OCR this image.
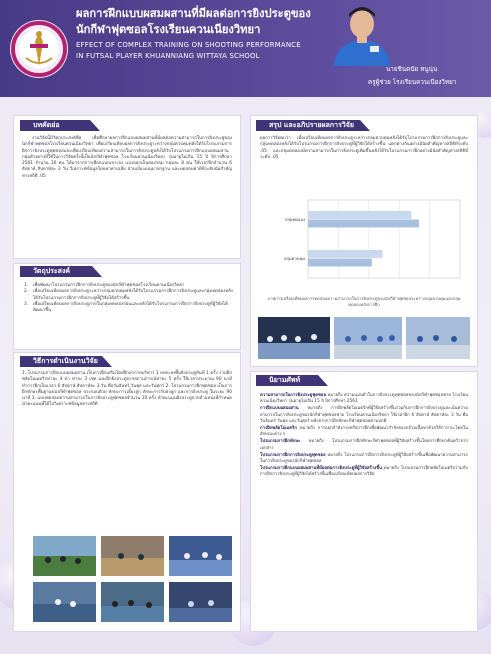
ผลการฝึกแบบผสมผสานที่มีผลต่อการยิงประตูของ
นักกีฬาฟุตซอลโรงเรียนควนเนียงวิทยา
EFFECT OF COMPLEX TRAINING ON SHOOTING PERFORMANCE
IN FUTSAL PLAYER KHUANNIANG WITTAYA SCHOOL
นายชินดนัย หนูนุ่น
ครูผู้ช่วย โรงเรียนควนเนียงวิทยา
บทคัดย่อ
งานวิจัยนี้มีวัตถุประสงค์คือ เพื่อศึกษาผลการฝึกแบบผสมผสานที่มีผลต่อความสามารถในการยิงประตูของนักกีฬาฟุตซอลโรงเรียนควนเนียงวิทยา เพื่อเปรียบเทียบผลการยิงประตูระหว่างกลุ่มควบคุมหลังได้รับโปรแกรมการฝึกการยิงประตูฟุตซอลและเพื่อเปรียบเทียบความสามารถในการยิงประตูหลังได้รับโปรแกรมการฝึกแบบผสมผสาน กลุ่มตัวอย่างที่ใช้ในการวิจัยครั้งนี้เป็นนักกีฬาฟุตซอล โรงเรียนควนเนียงวิทยา รุ่นอายุไม่เกิน 15 ปี ปีการศึกษา 2561 จำนวน 16 คน ได้มาจากการเลือกแบบเจาะจง แบ่งออกเป็นสองกลุ่ม กลุ่มละ 8 คน ใช้เวลาฝึกจำนวน 6 สัปดาห์ สัปดาห์ละ 3 วัน วิเคราะห์ข้อมูลโดยหาค่าเฉลี่ย ส่วนเบี่ยงเบนมาตรฐาน และทดสอบค่าทีที่ระดับนัยสำคัญทางสถิติ .05
วัตถุประสงค์
1.	เพื่อพัฒนาโปรแกรมการฝึกการยิงประตูของนักกีฬาฟุตซอลโรงเรียนควนเนียงวิทยา
2.	เพื่อเปรียบเทียบผลการยิงประตูระหว่างกลุ่มควบคุมหลังได้รับโปรแกรมการฝึกการยิงประตูและกลุ่มทดลองหลังได้รับโปรแกรมการฝึกการยิงประตูที่ผู้วิจัยได้สร้างขึ้น
3.	เพื่อเปรียบเทียบผลการยิงประตูภายในกลุ่มทดลองก่อนและหลังได้รับโปรแกรมการฝึกการยิงประตูที่ผู้วิจัยได้พัฒนาขึ้น
วิธีการดำเนินงานวิจัย
1. โปรแกรมการฝึกแบบผสมผสาน เป็นการฝึกเสริมโดยฝึกท่ากายบริหาร 1 ยกตะลงพื้นยิงประตูทันที 1 ครั้ง รวมฝึกพลัยโอเมตริกท่าละ 4 ท่า ท่าละ 3 เซต และฝึกยิงประตูจากสถานการณ์ท่าละ 5 ครั้ง ใช้เวลาประมาณ 90 นาที ทำการฝึกเป็นเวลา 6 สัปดาห์ สัปดาห์ละ 3 วัน คือวันจันทร์ วันพุธ และวันศุกร์ 2. โปรแกรมการฝึกฟุตซอล เป็นการฝึกทักษะพื้นฐานของกีฬาฟุตซอล ประกอบด้วย ทักษะการเลี้ยงลูก ทักษะการรับส่งลูก และการยิงประตู ในระยะ 90 นาที 3. แบบทดสอบความสามารถในการยิงประตูฟุตซอลจำนวน 10 ครั้ง ทำคะแนนยิงประตูจากตำแหน่งที่กำหนด นำคะแนนที่ได้ไปวิเคราะห์ข้อมูลทางสถิติ
สรุป และอภิปรายผลการวิจัย
ผลการวิจัยพบว่า เมื่อเปรียบเทียบผลการยิงประตูระหว่างกลุ่มควบคุมหลังได้รับโปรแกรมการฝึกการยิงประตูและกลุ่มทดลองหลังได้รับโปรแกรมการฝึกการยิงประตูที่ผู้วิจัยได้สร้างขึ้น แตกต่างกันอย่างมีนัยสำคัญทางสถิติที่ระดับ .05 และกลุ่มทดลองมีความสามารถในการยิงประตูเพิ่มขึ้นหลังได้รับโปรแกรมการฝึกอย่างมีนัยสำคัญทางสถิติที่ระดับ .05
กลุ่มทดลอง
กลุ่มควบคุม
ภาพการเปรียบเทียบผลการทดสอบความสามารถในการยิงประตูของนักกีฬาฟุตซอลระหว่างกลุ่มควบคุมและกลุ่มทดลองหลังการฝึก
นิยามศัพท์
ความสามารถในการยิงประตูฟุตซอล หมายถึง ความแม่นยำในการยิงประตูฟุตซอลของนักกีฬาฟุตซอลชาย โรงเรียนควนเนียงวิทยา รุ่นอายุไม่เกิน 15 ปี ปีการศึกษา 2561
การฝึกแบบผสมผสาน หมายถึง การฝึกพลัยโอเมตริกที่ผู้วิจัยสร้างขึ้นร่วมกับการฝึกการยิงประตูและเน้นความสามารถในการยิงประตูของนักกีฬาฟุตซอลชาย โรงเรียนควนเนียงวิทยา ใช้เวลาฝึก 6 สัปดาห์ สัปดาห์ละ 3 วัน คือวันจันทร์ วันพุธ และวันศุกร์ หลังจากการฝึกทักษะกีฬาฟุตซอลตามปกติ
การฝึกพลัยโอเมตริก หมายถึง การออกกำลังกายหรือการฝึกเพื่อพัฒนากำลังของกล้ามเนื้อขาด้วยวิธีการกระโดดในลักษณะต่าง ๆ
โปรแกรมการฝึกทักษะ หมายถึง โปรแกรมการฝึกทักษะกีฬาฟุตซอลที่ผู้วิจัยสร้างขึ้นโดยการศึกษาค้นคว้าจากเอกสาร
โปรแกรมการฝึกการยิงประตูฟุตซอล หมายถึง โปรแกรมการฝึกการยิงประตูที่ผู้วิจัยสร้างขึ้นเพื่อพัฒนาความสามารถในการยิงประตูของนักกีฬาฟุตซอล
โปรแกรมการฝึกแบบผสมผสานที่มีผลต่อการยิงประตูที่ผู้วิจัยสร้างขึ้น หมายถึง โปรแกรมการฝึกพลัยโอเมตริกร่วมกับการฝึกการยิงประตูที่ผู้วิจัยได้สร้างขึ้นเพื่อเปรียบเทียบผลการวิจัย
